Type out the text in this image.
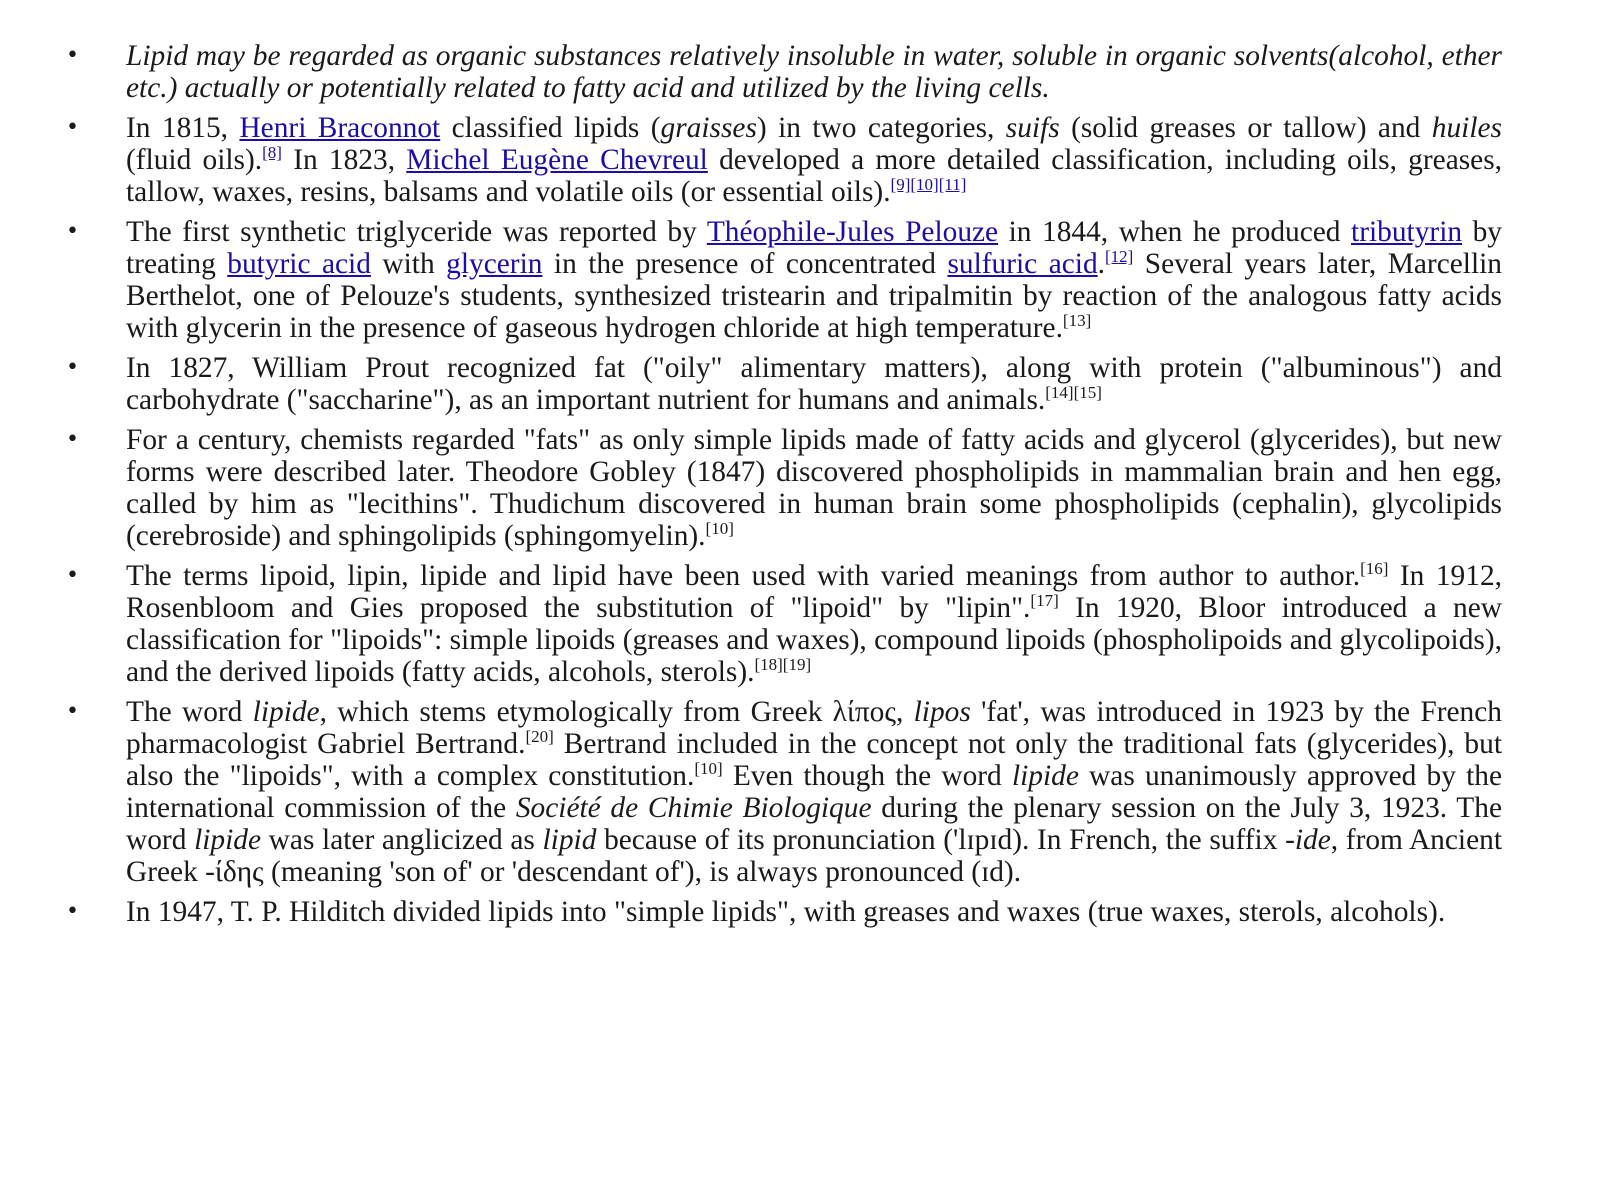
• Lipid may be regarded as organic substances relatively insoluble in water, soluble in organic solvents(alcohol, ether etc.) actually or potentially related to fatty acid and utilized by the living cells.
• In 1815, Henri Braconnot classified lipids (graisses) in two categories, suifs (solid greases or tallow) and huiles (fluid oils).[8] In 1823, Michel Eugène Chevreul developed a more detailed classification, including oils, greases, tallow, waxes, resins, balsams and volatile oils (or essential oils).[9][10][11]
• The first synthetic triglyceride was reported by Théophile-Jules Pelouze in 1844, when he produced tributyrin by treating butyric acid with glycerin in the presence of concentrated sulfuric acid.[12] Several years later, Marcellin Berthelot, one of Pelouze's students, synthesized tristearin and tripalmitin by reaction of the analogous fatty acids with glycerin in the presence of gaseous hydrogen chloride at high temperature.[13]
• In 1827, William Prout recognized fat ("oily" alimentary matters), along with protein ("albuminous") and carbohydrate ("saccharine"), as an important nutrient for humans and animals.[14][15]
• For a century, chemists regarded "fats" as only simple lipids made of fatty acids and glycerol (glycerides), but new forms were described later. Theodore Gobley (1847) discovered phospholipids in mammalian brain and hen egg, called by him as "lecithins". Thudichum discovered in human brain some phospholipids (cephalin), glycolipids (cerebroside) and sphingolipids (sphingomyelin).[10]
• The terms lipoid, lipin, lipide and lipid have been used with varied meanings from author to author.[16] In 1912, Rosenbloom and Gies proposed the substitution of "lipoid" by "lipin".[17] In 1920, Bloor introduced a new classification for "lipoids": simple lipoids (greases and waxes), compound lipoids (phospholipoids and glycolipoids), and the derived lipoids (fatty acids, alcohols, sterols).[18][19]
• The word lipide, which stems etymologically from Greek λίπος, lipos 'fat', was introduced in 1923 by the French pharmacologist Gabriel Bertrand.[20] Bertrand included in the concept not only the traditional fats (glycerides), but also the "lipoids", with a complex constitution.[10] Even though the word lipide was unanimously approved by the international commission of the Société de Chimie Biologique during the plenary session on the July 3, 1923. The word lipide was later anglicized as lipid because of its pronunciation ('lɪpɪd). In French, the suffix -ide, from Ancient Greek -ίδης (meaning 'son of' or 'descendant of'), is always pronounced (ɪd).
• In 1947, T. P. Hilditch divided lipids into "simple lipids", with greases and waxes (true waxes, sterols, alcohols).
